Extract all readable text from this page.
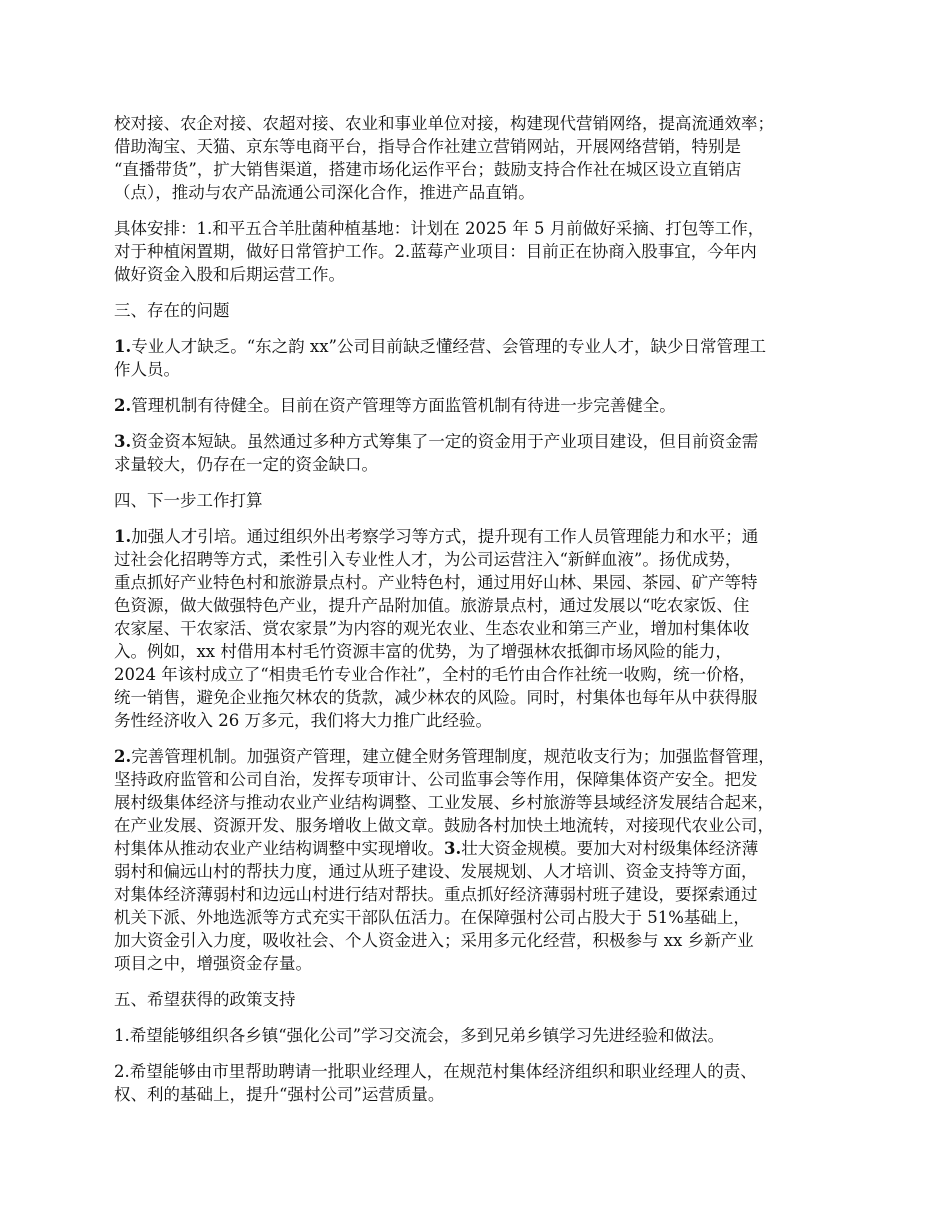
校对接、农企对接、农超对接、农业和事业单位对接，构建现代营销网络，提高流通效率；
借助淘宝、天猫、京东等电商平台，指导合作社建立营销网站，开展网络营销，特别是
“直播带货”，扩大销售渠道，搭建市场化运作平台；鼓励支持合作社在城区设立直销店
（点），推动与农产品流通公司深化合作，推进产品直销。

具体安排：1.和平五合羊肚菌种植基地：计划在 2025 年 5 月前做好采摘、打包等工作，
对于种植闲置期，做好日常管护工作。2.蓝莓产业项目：目前正在协商入股事宜，今年内
做好资金入股和后期运营工作。

三、存在的问题

1.专业人才缺乏。“东之韵 xx”公司目前缺乏懂经营、会管理的专业人才，缺少日常管理工
作人员。

2.管理机制有待健全。目前在资产管理等方面监管机制有待进一步完善健全。

3.资金资本短缺。虽然通过多种方式筹集了一定的资金用于产业项目建设，但目前资金需
求量较大，仍存在一定的资金缺口。

四、下一步工作打算

1.加强人才引培。通过组织外出考察学习等方式，提升现有工作人员管理能力和水平；通
过社会化招聘等方式，柔性引入专业性人才，为公司运营注入“新鲜血液”。扬优成势，
重点抓好产业特色村和旅游景点村。产业特色村，通过用好山林、果园、茶园、矿产等特
色资源，做大做强特色产业，提升产品附加值。旅游景点村，通过发展以“吃农家饭、住
农家屋、干农家活、赏农家景”为内容的观光农业、生态农业和第三产业，增加村集体收
入。例如，xx 村借用本村毛竹资源丰富的优势，为了增强林农抵御市场风险的能力，
2024 年该村成立了“相贵毛竹专业合作社”，全村的毛竹由合作社统一收购，统一价格，
统一销售，避免企业拖欠林农的货款，减少林农的风险。同时，村集体也每年从中获得服
务性经济收入 26 万多元，我们将大力推广此经验。

2.完善管理机制。加强资产管理，建立健全财务管理制度，规范收支行为；加强监督管理，
坚持政府监管和公司自治，发挥专项审计、公司监事会等作用，保障集体资产安全。把发
展村级集体经济与推动农业产业结构调整、工业发展、乡村旅游等县域经济发展结合起来，
在产业发展、资源开发、服务增收上做文章。鼓励各村加快土地流转，对接现代农业公司，
村集体从推动农业产业结构调整中实现增收。3.壮大资金规模。要加大对村级集体经济薄
弱村和偏远山村的帮扶力度，通过从班子建设、发展规划、人才培训、资金支持等方面，
对集体经济薄弱村和边远山村进行结对帮扶。重点抓好经济薄弱村班子建设，要探索通过
机关下派、外地选派等方式充实干部队伍活力。在保障强村公司占股大于 51%基础上，
加大资金引入力度，吸收社会、个人资金进入；采用多元化经营，积极参与 xx 乡新产业
项目之中，增强资金存量。

五、希望获得的政策支持

1.希望能够组织各乡镇“强化公司”学习交流会，多到兄弟乡镇学习先进经验和做法。

2.希望能够由市里帮助聘请一批职业经理人，在规范村集体经济组织和职业经理人的责、
权、利的基础上，提升“强村公司”运营质量。
